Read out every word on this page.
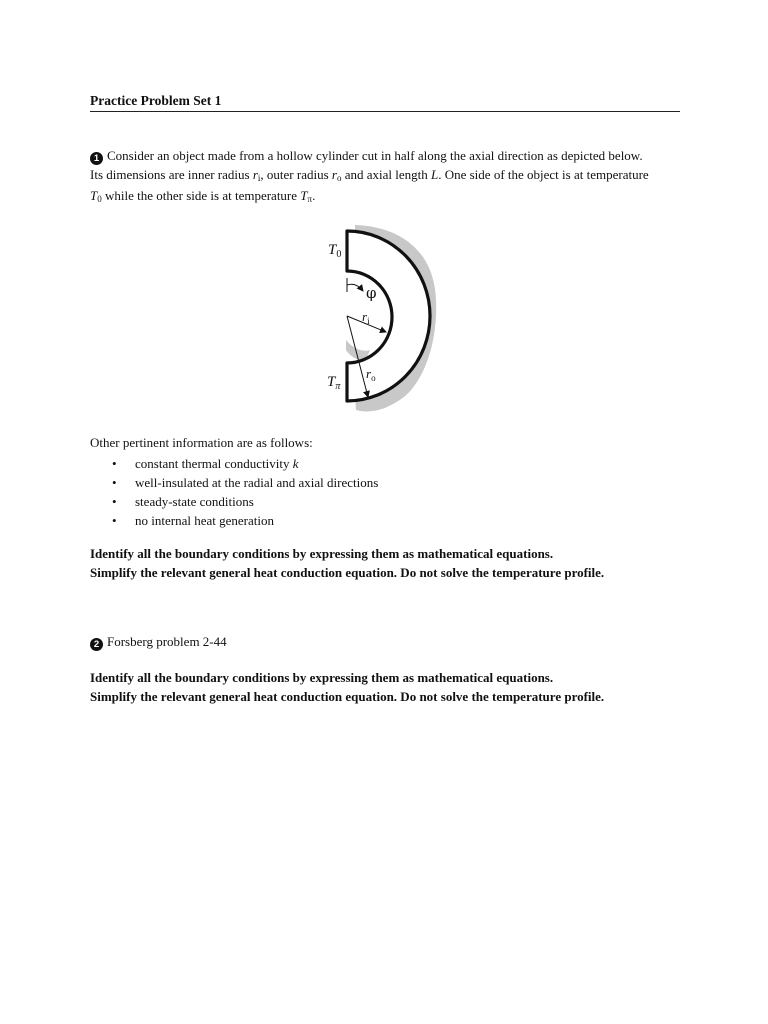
Practice Problem Set 1
1 Consider an object made from a hollow cylinder cut in half along the axial direction as depicted below.
Its dimensions are inner radius $r_i$, outer radius $r_o$ and axial length L. One side of the object is at temperature
$T_0$ while the other side is at temperature $T_\pi$.
$T_0$
φ
$r_i$
$r_o$
$T_\pi$
Other pertinent information are as follows:
• constant thermal conductivity k
• well-insulated at the radial and axial directions
• steady-state conditions
• no internal heat generation
Identify all the boundary conditions by expressing them as mathematical equations.
Simplify the relevant general heat conduction equation. Do not solve the temperature profile.
2 Forsberg problem 2-44
Identify all the boundary conditions by expressing them as mathematical equations.
Simplify the relevant general heat conduction equation. Do not solve the temperature profile.
